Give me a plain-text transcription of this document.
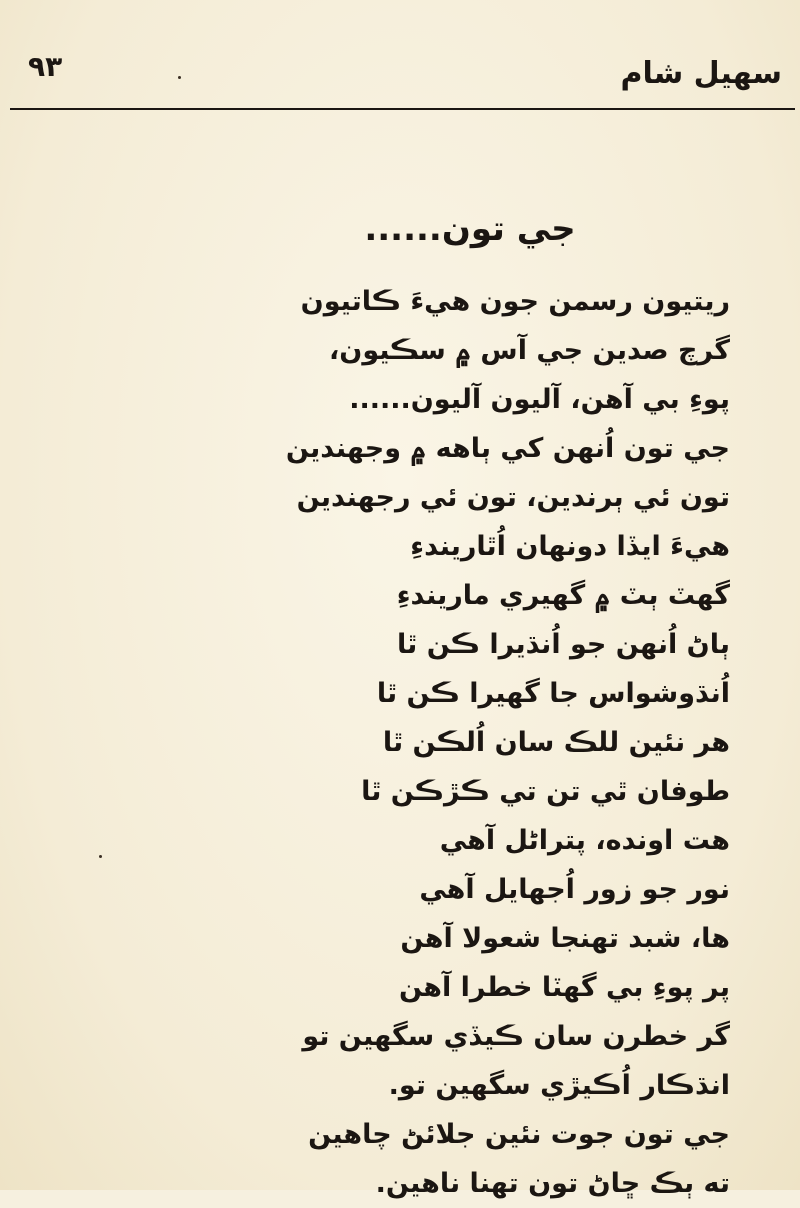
٩٣	سهيل شام
جي تون......
ريتيون رسمن جون هيءَ ڪاتيون
گرچ صدين جي آس ۾ سڪيون،
پوءِ بي آهن، آليون آليون......
جي تون اُنهن کي ٻاهه ۾ وجهندين
تون ئي ٻرندين، تون ئي رجهندين
هيءَ ايڏا دونهان اُٿاريندءِ
گهٽ ٻٽ ۾ گهيري ماريندءِ
ٻاڻ اُنهن جو اُنڌيرا ڪن ٿا
اُنڌوشواس جا گهيرا ڪن ٿا
هر نئين للڪ سان اُلڪن ٿا
طوفان ٿي تن تي ڪڙڪن ٿا
هت اونده، پتراڻل آهي
نور جو زور اُجهايل آهي
ها، شبد تهنجا شعولا آهن
پر پوءِ بي گهٽا خطرا آهن
گر خطرن سان ڪيڏي سگهين تو
انڌڪار اُڪيڙي سگهين تو.
جي تون جوت نئين جلائڻ چاهين
ته ٻڪ ڇاڻ تون تهنا ناهين.
